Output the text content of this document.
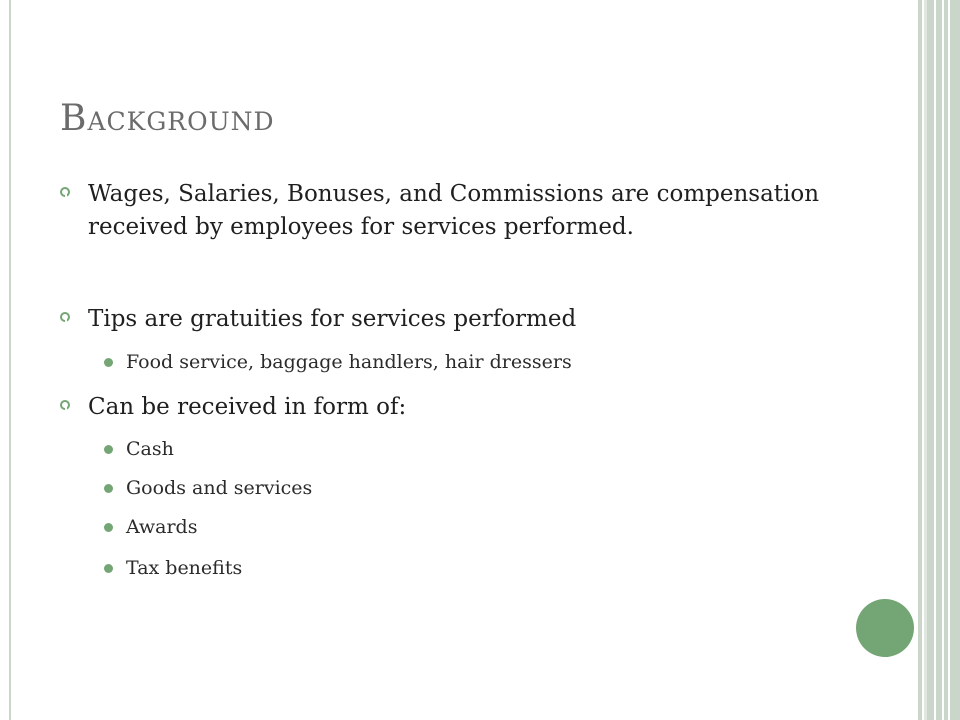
Background
Wages, Salaries, Bonuses, and Commissions are compensation received by employees for services performed.
Tips are gratuities for services performed
Food service, baggage handlers, hair dressers
Can be received in form of:
Cash
Goods and services
Awards
Tax benefits
